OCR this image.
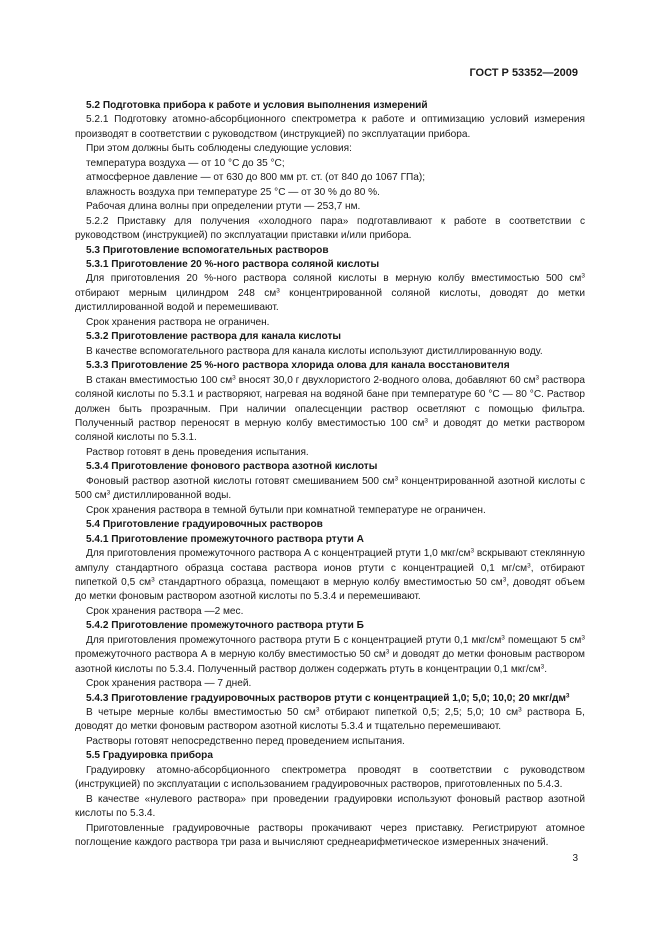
ГОСТ Р 53352—2009

5.2 Подготовка прибора к работе и условия выполнения измерений

5.2.1 Подготовку атомно-абсорбционного спектрометра к работе и оптимизацию условий измерения производят в соответствии с руководством (инструкцией) по эксплуатации прибора.

При этом должны быть соблюдены следующие условия:

температура воздуха — от 10 °С до 35 °С;

атмосферное давление — от 630 до 800 мм рт. ст. (от 840 до 1067 ГПа);

влажность воздуха при температуре 25 °С — от 30 % до 80 %.

Рабочая длина волны при определении ртути — 253,7 нм.

5.2.2 Приставку для получения «холодного пара» подготавливают к работе в соответствии с руководством (инструкцией) по эксплуатации приставки и/или прибора.

5.3 Приготовление вспомогательных растворов

5.3.1 Приготовление 20 %-ного раствора соляной кислоты

Для приготовления 20 %-ного раствора соляной кислоты в мерную колбу вместимостью 500 $см^3$ отбирают мерным цилиндром 248 $см^3$ концентрированной соляной кислоты, доводят до метки дистиллированной водой и перемешивают.

Срок хранения раствора не ограничен.

5.3.2 Приготовление раствора для канала кислоты

В качестве вспомогательного раствора для канала кислоты используют дистиллированную воду.

5.3.3 Приготовление 25 %-ного раствора хлорида олова для канала восстановителя

В стакан вместимостью 100 $см^3$ вносят 30,0 г двухлористого 2-водного олова, добавляют 60 $см^3$ раствора соляной кислоты по 5.3.1 и растворяют, нагревая на водяной бане при температуре 60 °С — 80 °С. Раствор должен быть прозрачным. При наличии опалесценции раствор осветляют с помощью фильтра. Полученный раствор переносят в мерную колбу вместимостью 100 $см^3$ и доводят до метки раствором соляной кислоты по 5.3.1.

Раствор готовят в день проведения испытания.

5.3.4 Приготовление фонового раствора азотной кислоты

Фоновый раствор азотной кислоты готовят смешиванием 500 $см^3$ концентрированной азотной кислоты с 500 $см^3$ дистиллированной воды.

Срок хранения раствора в темной бутыли при комнатной температуре не ограничен.

5.4 Приготовление градуировочных растворов

5.4.1 Приготовление промежуточного раствора ртути А

Для приготовления промежуточного раствора А с концентрацией ртути 1,0 мкг/$см^3$ вскрывают стеклянную ампулу стандартного образца состава раствора ионов ртути с концентрацией 0,1 $мг/см^3$, отбирают пипеткой 0,5 $см^3$ стандартного образца, помещают в мерную колбу вместимостью 50 $см^3$, доводят объем до метки фоновым раствором азотной кислоты по 5.3.4 и перемешивают.

Срок хранения раствора —2 мес.

5.4.2 Приготовление промежуточного раствора ртути Б

Для приготовления промежуточного раствора ртути Б с концентрацией ртути 0,1 мкг/$см^3$ помещают 5 $см^3$ промежуточного раствора А в мерную колбу вместимостью 50 $см^3$ и доводят до метки фоновым раствором азотной кислоты по 5.3.4. Полученный раствор должен содержать ртуть в концентрации 0,1 мкг/$см^3$.

Срок хранения раствора — 7 дней.

5.4.3 Приготовление градуировочных растворов ртути с концентрацией 1,0; 5,0; 10,0; 20 мкг/$дм^3$

В четыре мерные колбы вместимостью 50 $см^3$ отбирают пипеткой 0,5; 2,5; 5,0; 10 $см^3$ раствора Б, доводят до метки фоновым раствором азотной кислоты 5.3.4 и тщательно перемешивают.

Растворы готовят непосредственно перед проведением испытания.

5.5 Градуировка прибора

Градуировку атомно-абсорбционного спектрометра проводят в соответствии с руководством (инструкцией) по эксплуатации с использованием градуировочных растворов, приготовленных по 5.4.3.

В качестве «нулевого раствора» при проведении градуировки используют фоновый раствор азотной кислоты по 5.3.4.

Приготовленные градуировочные растворы прокачивают через приставку. Регистрируют атомное поглощение каждого раствора три раза и вычисляют среднеарифметическое измеренных значений.

3
